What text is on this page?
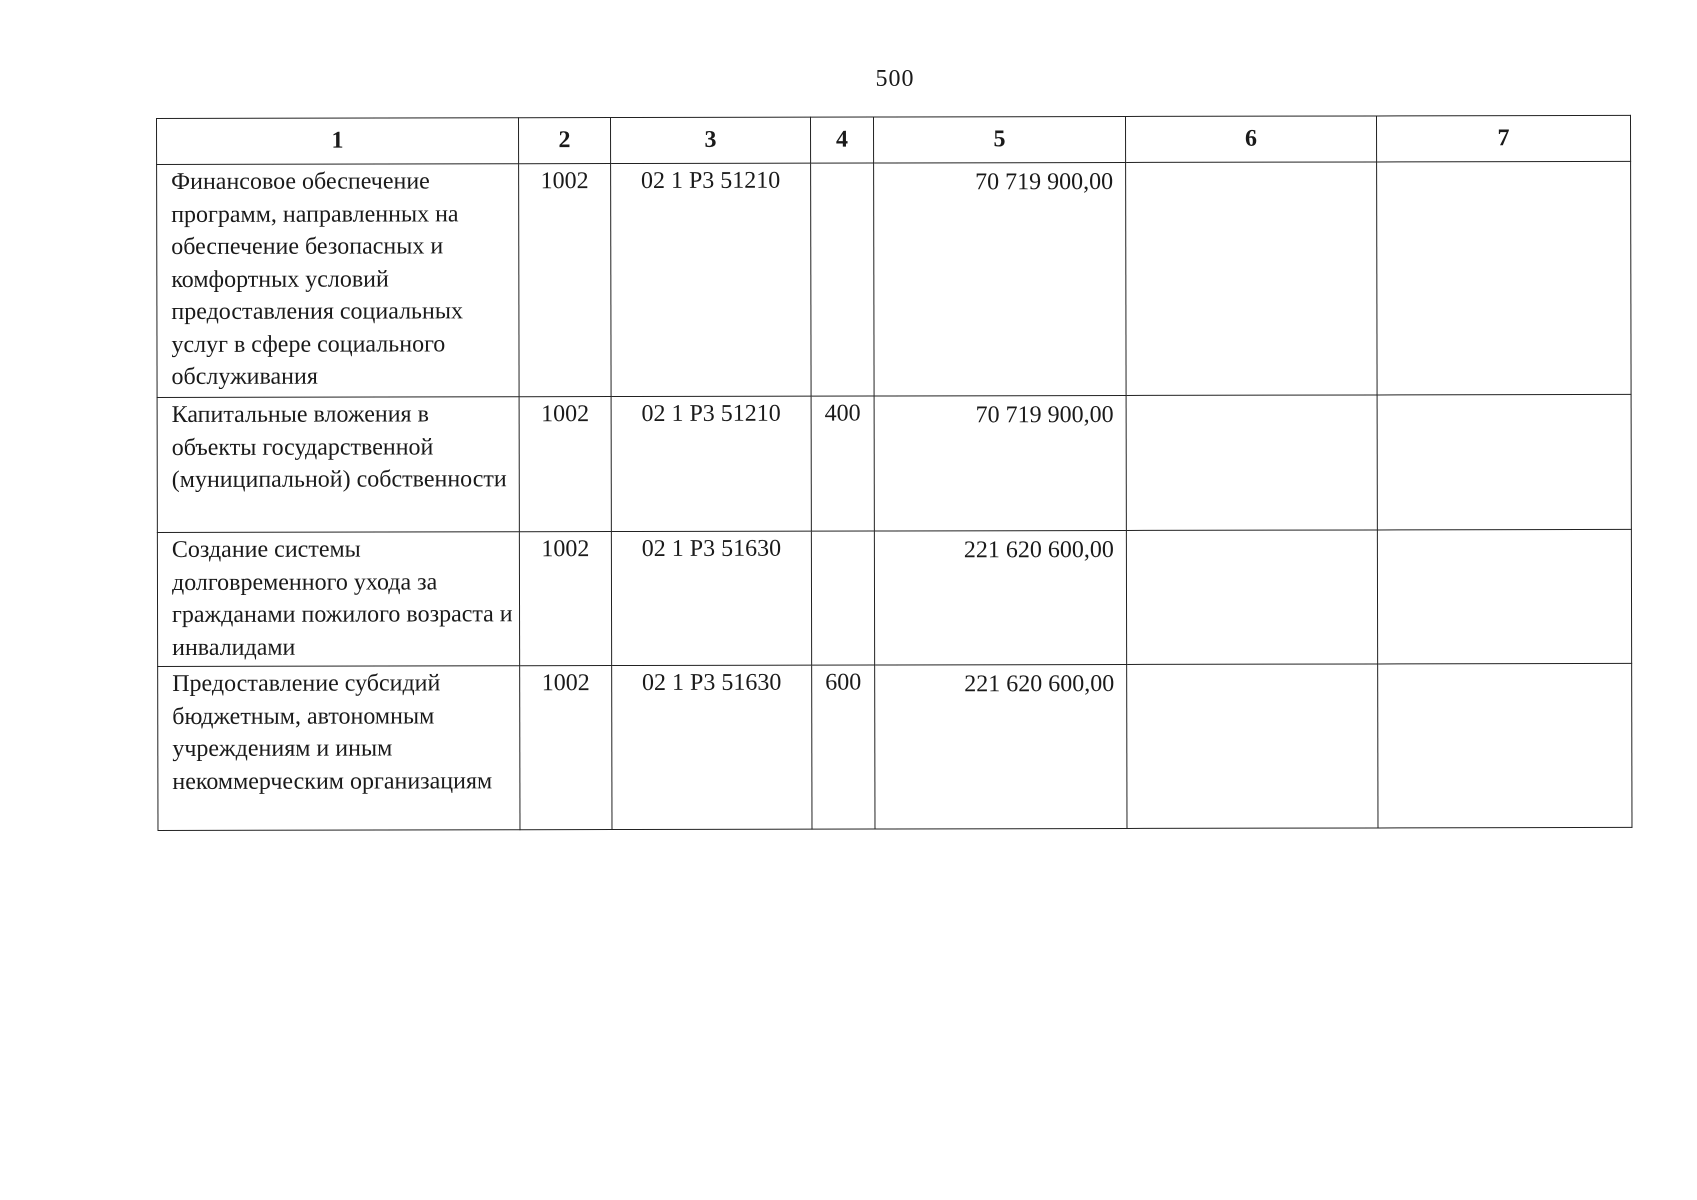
500
1	2	3	4	5	6	7
Финансовое обеспечение программ, направленных на обеспечение безопасных и комфортных условий предоставления социальных услуг в сфере социального обслуживания	1002	02 1 Р3 51210		70 719 900,00		
Капитальные вложения в объекты государственной (муниципальной) собственности	1002	02 1 Р3 51210	400	70 719 900,00		
Создание системы долговременного ухода за гражданами пожилого возраста и инвалидами	1002	02 1 Р3 51630		221 620 600,00		
Предоставление субсидий бюджетным, автономным учреждениям и иным некоммерческим организациям	1002	02 1 Р3 51630	600	221 620 600,00		
